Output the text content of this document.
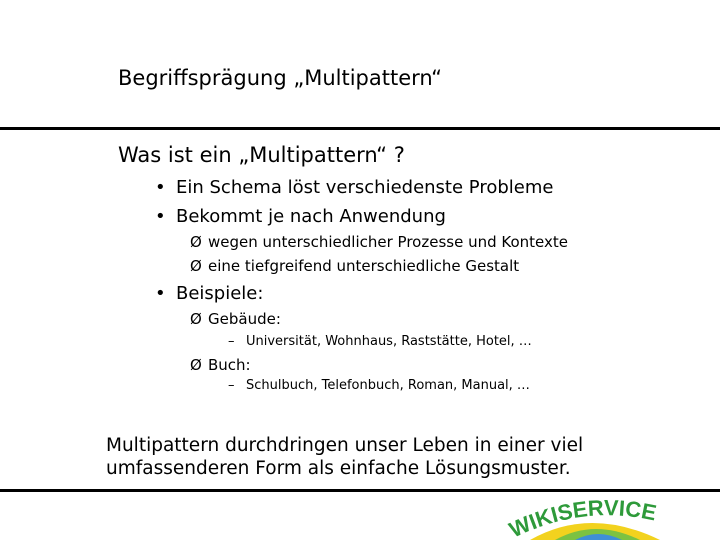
Begriffsprägung „Multipattern“
Was ist ein „Multipattern“ ?
• Ein Schema löst verschiedenste Probleme
• Bekommt je nach Anwendung
Ø wegen unterschiedlicher Prozesse und Kontexte
Ø eine tiefgreifend unterschiedliche Gestalt
• Beispiele:
Ø Gebäude:
– Universität, Wohnhaus, Raststätte, Hotel, …
Ø Buch:
– Schulbuch, Telefonbuch, Roman, Manual, …
Multipattern durchdringen unser Leben in einer viel
umfassenderen Form als einfache Lösungsmuster.
WIKISERVICE
